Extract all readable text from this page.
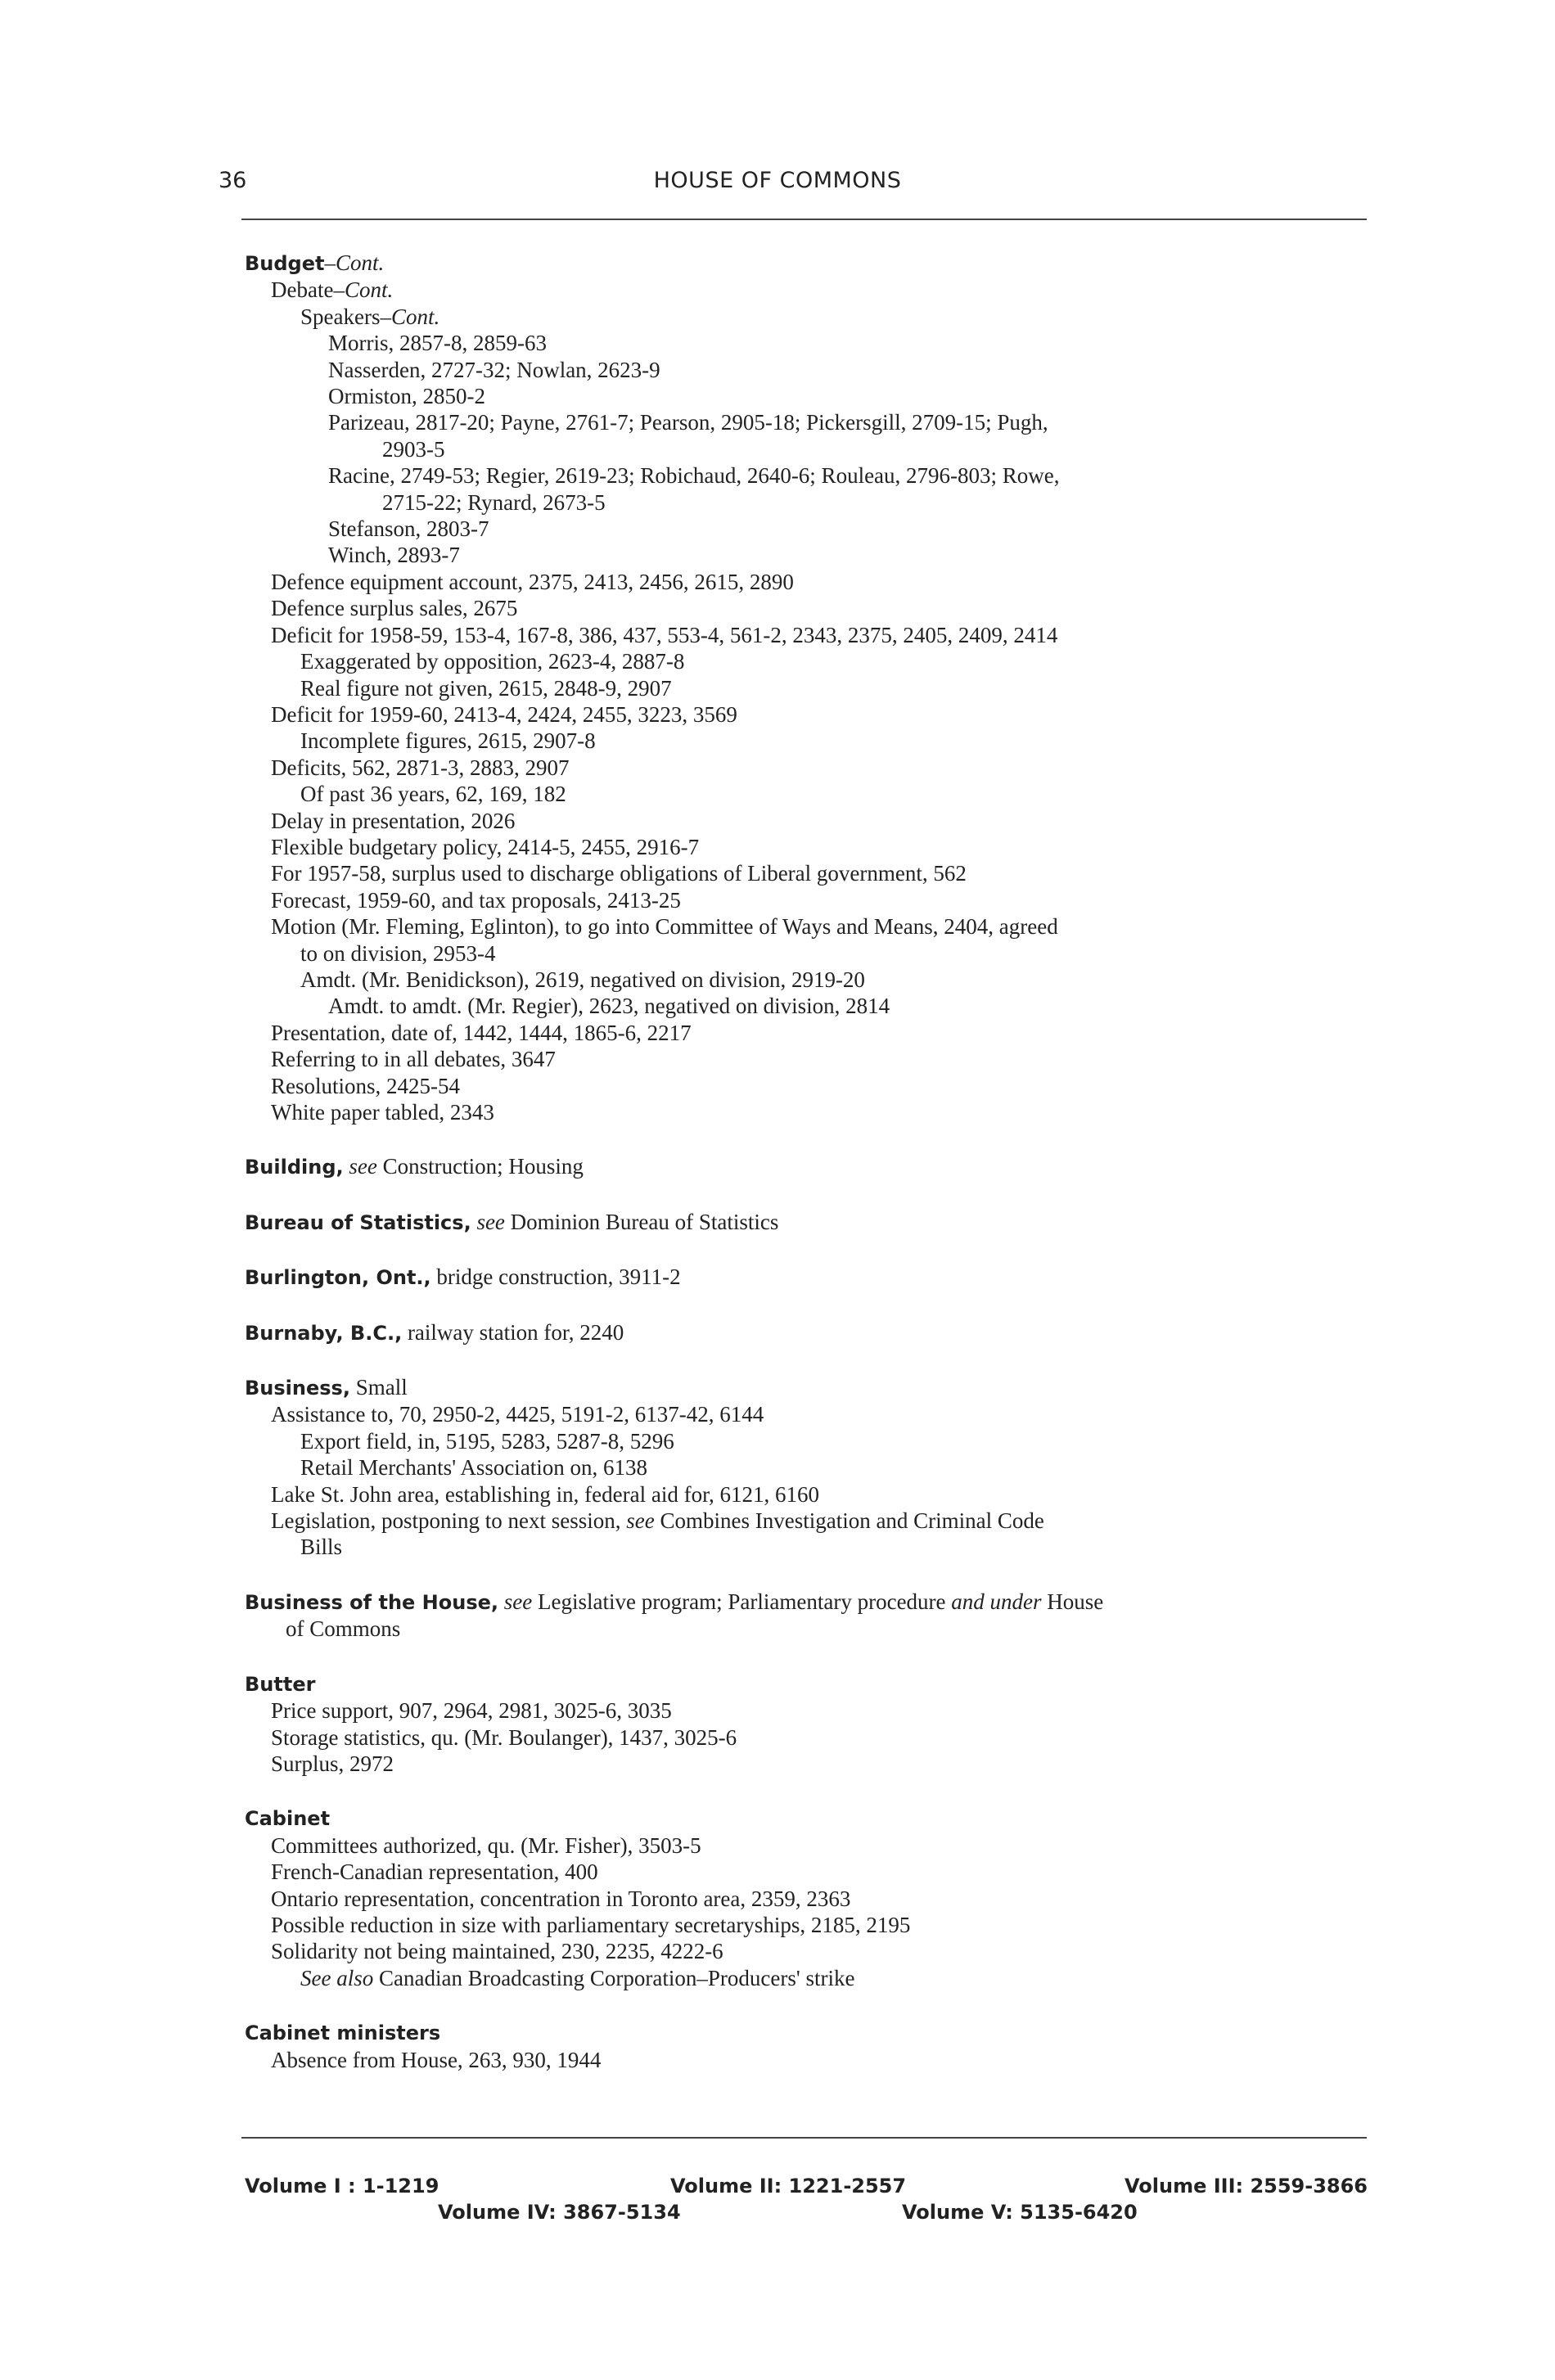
36	HOUSE OF COMMONS
Budget–Cont.
Debate–Cont.
Speakers–Cont.
Morris, 2857-8, 2859-63
Nasserden, 2727-32; Nowlan, 2623-9
Ormiston, 2850-2
Parizeau, 2817-20; Payne, 2761-7; Pearson, 2905-18; Pickersgill, 2709-15; Pugh,
2903-5
Racine, 2749-53; Regier, 2619-23; Robichaud, 2640-6; Rouleau, 2796-803; Rowe,
2715-22; Rynard, 2673-5
Stefanson, 2803-7
Winch, 2893-7
Defence equipment account, 2375, 2413, 2456, 2615, 2890
Defence surplus sales, 2675
Deficit for 1958-59, 153-4, 167-8, 386, 437, 553-4, 561-2, 2343, 2375, 2405, 2409, 2414
Exaggerated by opposition, 2623-4, 2887-8
Real figure not given, 2615, 2848-9, 2907
Deficit for 1959-60, 2413-4, 2424, 2455, 3223, 3569
Incomplete figures, 2615, 2907-8
Deficits, 562, 2871-3, 2883, 2907
Of past 36 years, 62, 169, 182
Delay in presentation, 2026
Flexible budgetary policy, 2414-5, 2455, 2916-7
For 1957-58, surplus used to discharge obligations of Liberal government, 562
Forecast, 1959-60, and tax proposals, 2413-25
Motion (Mr. Fleming, Eglinton), to go into Committee of Ways and Means, 2404, agreed
to on division, 2953-4
Amdt. (Mr. Benidickson), 2619, negatived on division, 2919-20
Amdt. to amdt. (Mr. Regier), 2623, negatived on division, 2814
Presentation, date of, 1442, 1444, 1865-6, 2217
Referring to in all debates, 3647
Resolutions, 2425-54
White paper tabled, 2343
Building, see Construction; Housing
Bureau of Statistics, see Dominion Bureau of Statistics
Burlington, Ont., bridge construction, 3911-2
Burnaby, B.C., railway station for, 2240
Business, Small
Assistance to, 70, 2950-2, 4425, 5191-2, 6137-42, 6144
Export field, in, 5195, 5283, 5287-8, 5296
Retail Merchants' Association on, 6138
Lake St. John area, establishing in, federal aid for, 6121, 6160
Legislation, postponing to next session, see Combines Investigation and Criminal Code
Bills
Business of the House, see Legislative program; Parliamentary procedure and under House
of Commons
Butter
Price support, 907, 2964, 2981, 3025-6, 3035
Storage statistics, qu. (Mr. Boulanger), 1437, 3025-6
Surplus, 2972
Cabinet
Committees authorized, qu. (Mr. Fisher), 3503-5
French-Canadian representation, 400
Ontario representation, concentration in Toronto area, 2359, 2363
Possible reduction in size with parliamentary secretaryships, 2185, 2195
Solidarity not being maintained, 230, 2235, 4222-6
See also Canadian Broadcasting Corporation–Producers' strike
Cabinet ministers
Absence from House, 263, 930, 1944
Volume I : 1-1219	Volume II: 1221-2557	Volume III: 2559-3866
Volume IV: 3867-5134	Volume V: 5135-6420
